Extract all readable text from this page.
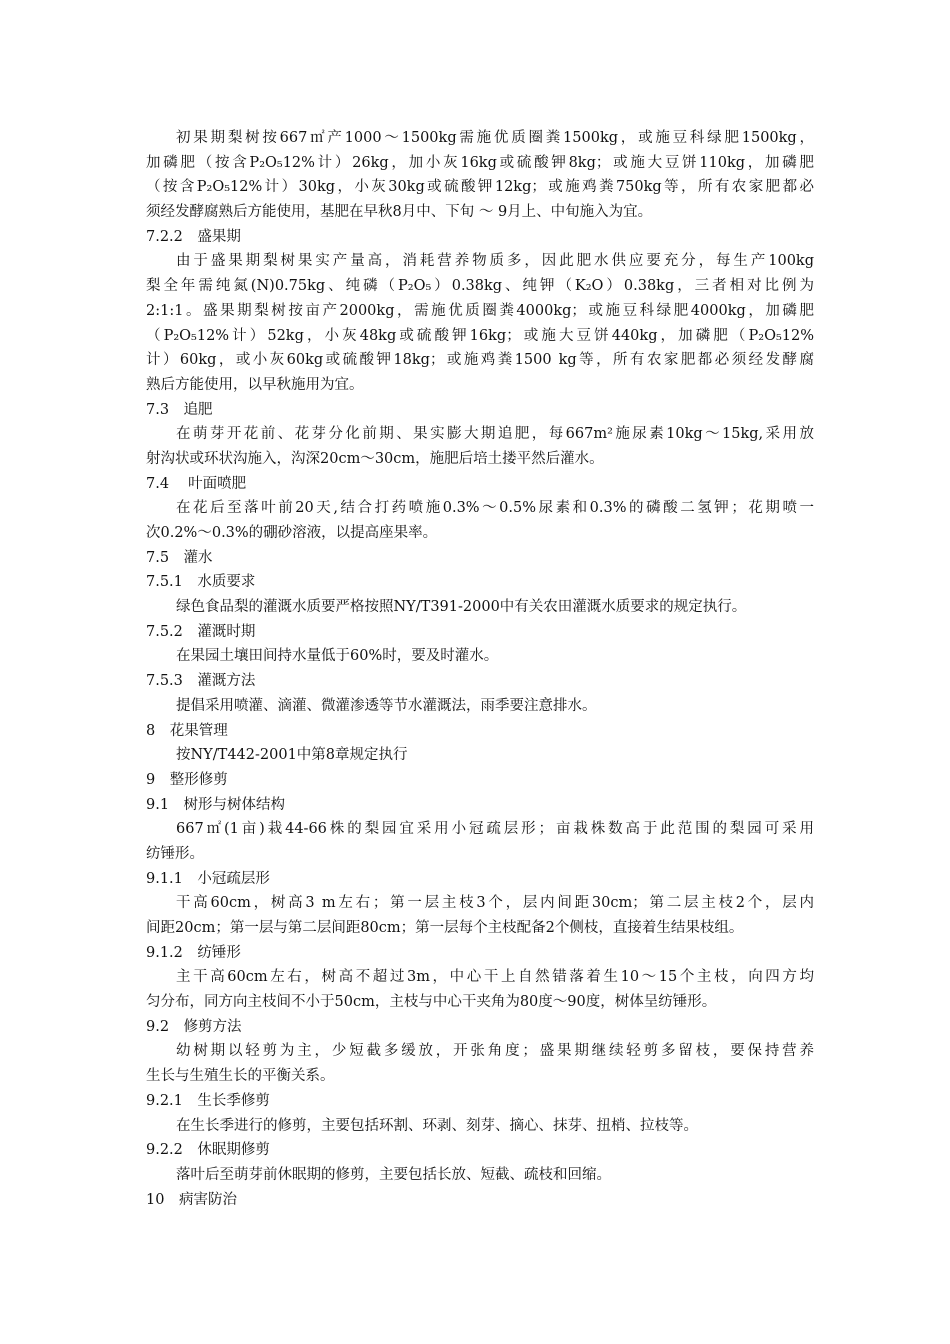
初果期梨树按667㎡产1000～1500kg需施优质圈粪1500kg，或施豆科绿肥1500kg，
加磷肥（按含P₂O₅12%计）26kg，加小灰16kg或硫酸钾8kg；或施大豆饼110kg，加磷肥
（按含P₂O₅12%计）30kg，小灰30kg或硫酸钾12kg；或施鸡粪750kg等，所有农家肥都必
须经发酵腐熟后方能使用，基肥在早秋8月中、下旬 ～ 9月上、中旬施入为宜。
7.2.2　盛果期
由于盛果期梨树果实产量高，消耗营养物质多，因此肥水供应要充分，每生产100kg
梨全年需纯氮(N)0.75kg、纯磷（P₂O₅）0.38kg、纯钾（K₂O）0.38kg，三者相对比例为
2:1:1。盛果期梨树按亩产2000kg，需施优质圈粪4000kg；或施豆科绿肥4000kg，加磷肥
（P₂O₅12%计）52kg，小灰48kg或硫酸钾16kg；或施大豆饼440kg，加磷肥（P₂O₅12%
计）60kg，或小灰60kg或硫酸钾18kg；或施鸡粪1500 kg等，所有农家肥都必须经发酵腐
熟后方能使用，以早秋施用为宜。
7.3　追肥
在萌芽开花前、花芽分化前期、果实膨大期追肥，每667m²施尿素10kg～15kg,采用放
射沟状或环状沟施入，沟深20cm～30cm，施肥后培土搂平然后灌水。
7.4　 叶面喷肥
在花后至落叶前20天,结合打药喷施0.3%～0.5%尿素和0.3%的磷酸二氢钾；花期喷一
次0.2%～0.3%的硼砂溶液，以提高座果率。
7.5　灌水
7.5.1　水质要求
绿色食品梨的灌溉水质要严格按照NY/T391-2000中有关农田灌溉水质要求的规定执行。
7.5.2　灌溉时期
在果园土壤田间持水量低于60%时，要及时灌水。
7.5.3　灌溉方法
提倡采用喷灌、滴灌、微灌渗透等节水灌溉法，雨季要注意排水。
8　花果管理
按NY/T442-2001中第8章规定执行
9　整形修剪
9.1　树形与树体结构
667㎡(1亩)栽44-66株的梨园宜采用小冠疏层形；亩栽株数高于此范围的梨园可采用
纺锤形。
9.1.1　小冠疏层形
干高60cm，树高3 m左右；第一层主枝3个，层内间距30cm；第二层主枝2个，层内
间距20cm；第一层与第二层间距80cm；第一层每个主枝配备2个侧枝，直接着生结果枝组。
9.1.2　纺锤形
主干高60cm左右，树高不超过3m，中心干上自然错落着生10～15个主枝，向四方均
匀分布，同方向主枝间不小于50cm，主枝与中心干夹角为80度～90度，树体呈纺锤形。
9.2　修剪方法
幼树期以轻剪为主，少短截多缓放，开张角度；盛果期继续轻剪多留枝，要保持营养
生长与生殖生长的平衡关系。
9.2.1　生长季修剪
在生长季进行的修剪，主要包括环割、环剥、刻芽、摘心、抹芽、扭梢、拉枝等。
9.2.2　休眠期修剪
落叶后至萌芽前休眠期的修剪，主要包括长放、短截、疏枝和回缩。
10　病害防治
